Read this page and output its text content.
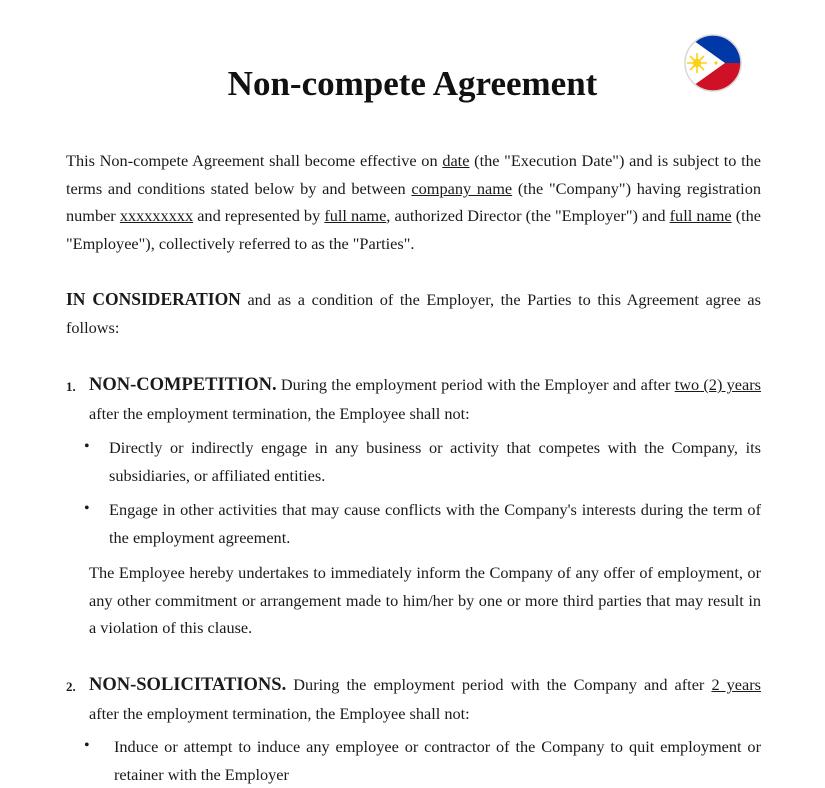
Non-compete Agreement

This Non-compete Agreement shall become effective on date (the "Execution Date") and is subject to the terms and conditions stated below by and between company name (the "Company") having registration number xxxxxxxxx and represented by full name, authorized Director (the "Employer") and full name (the "Employee"), collectively referred to as the "Parties".

IN CONSIDERATION and as a condition of the Employer, the Parties to this Agreement agree as follows:

1. NON-COMPETITION. During the employment period with the Employer and after two (2) years after the employment termination, the Employee shall not:

• Directly or indirectly engage in any business or activity that competes with the Company, its subsidiaries, or affiliated entities.

• Engage in other activities that may cause conflicts with the Company's interests during the term of the employment agreement.

The Employee hereby undertakes to immediately inform the Company of any offer of employment, or any other commitment or arrangement made to him/her by one or more third parties that may result in a violation of this clause.

2. NON-SOLICITATIONS. During the employment period with the Company and after 2 years after the employment termination, the Employee shall not:

• Induce or attempt to induce any employee or contractor of the Company to quit employment or retainer with the Employer
